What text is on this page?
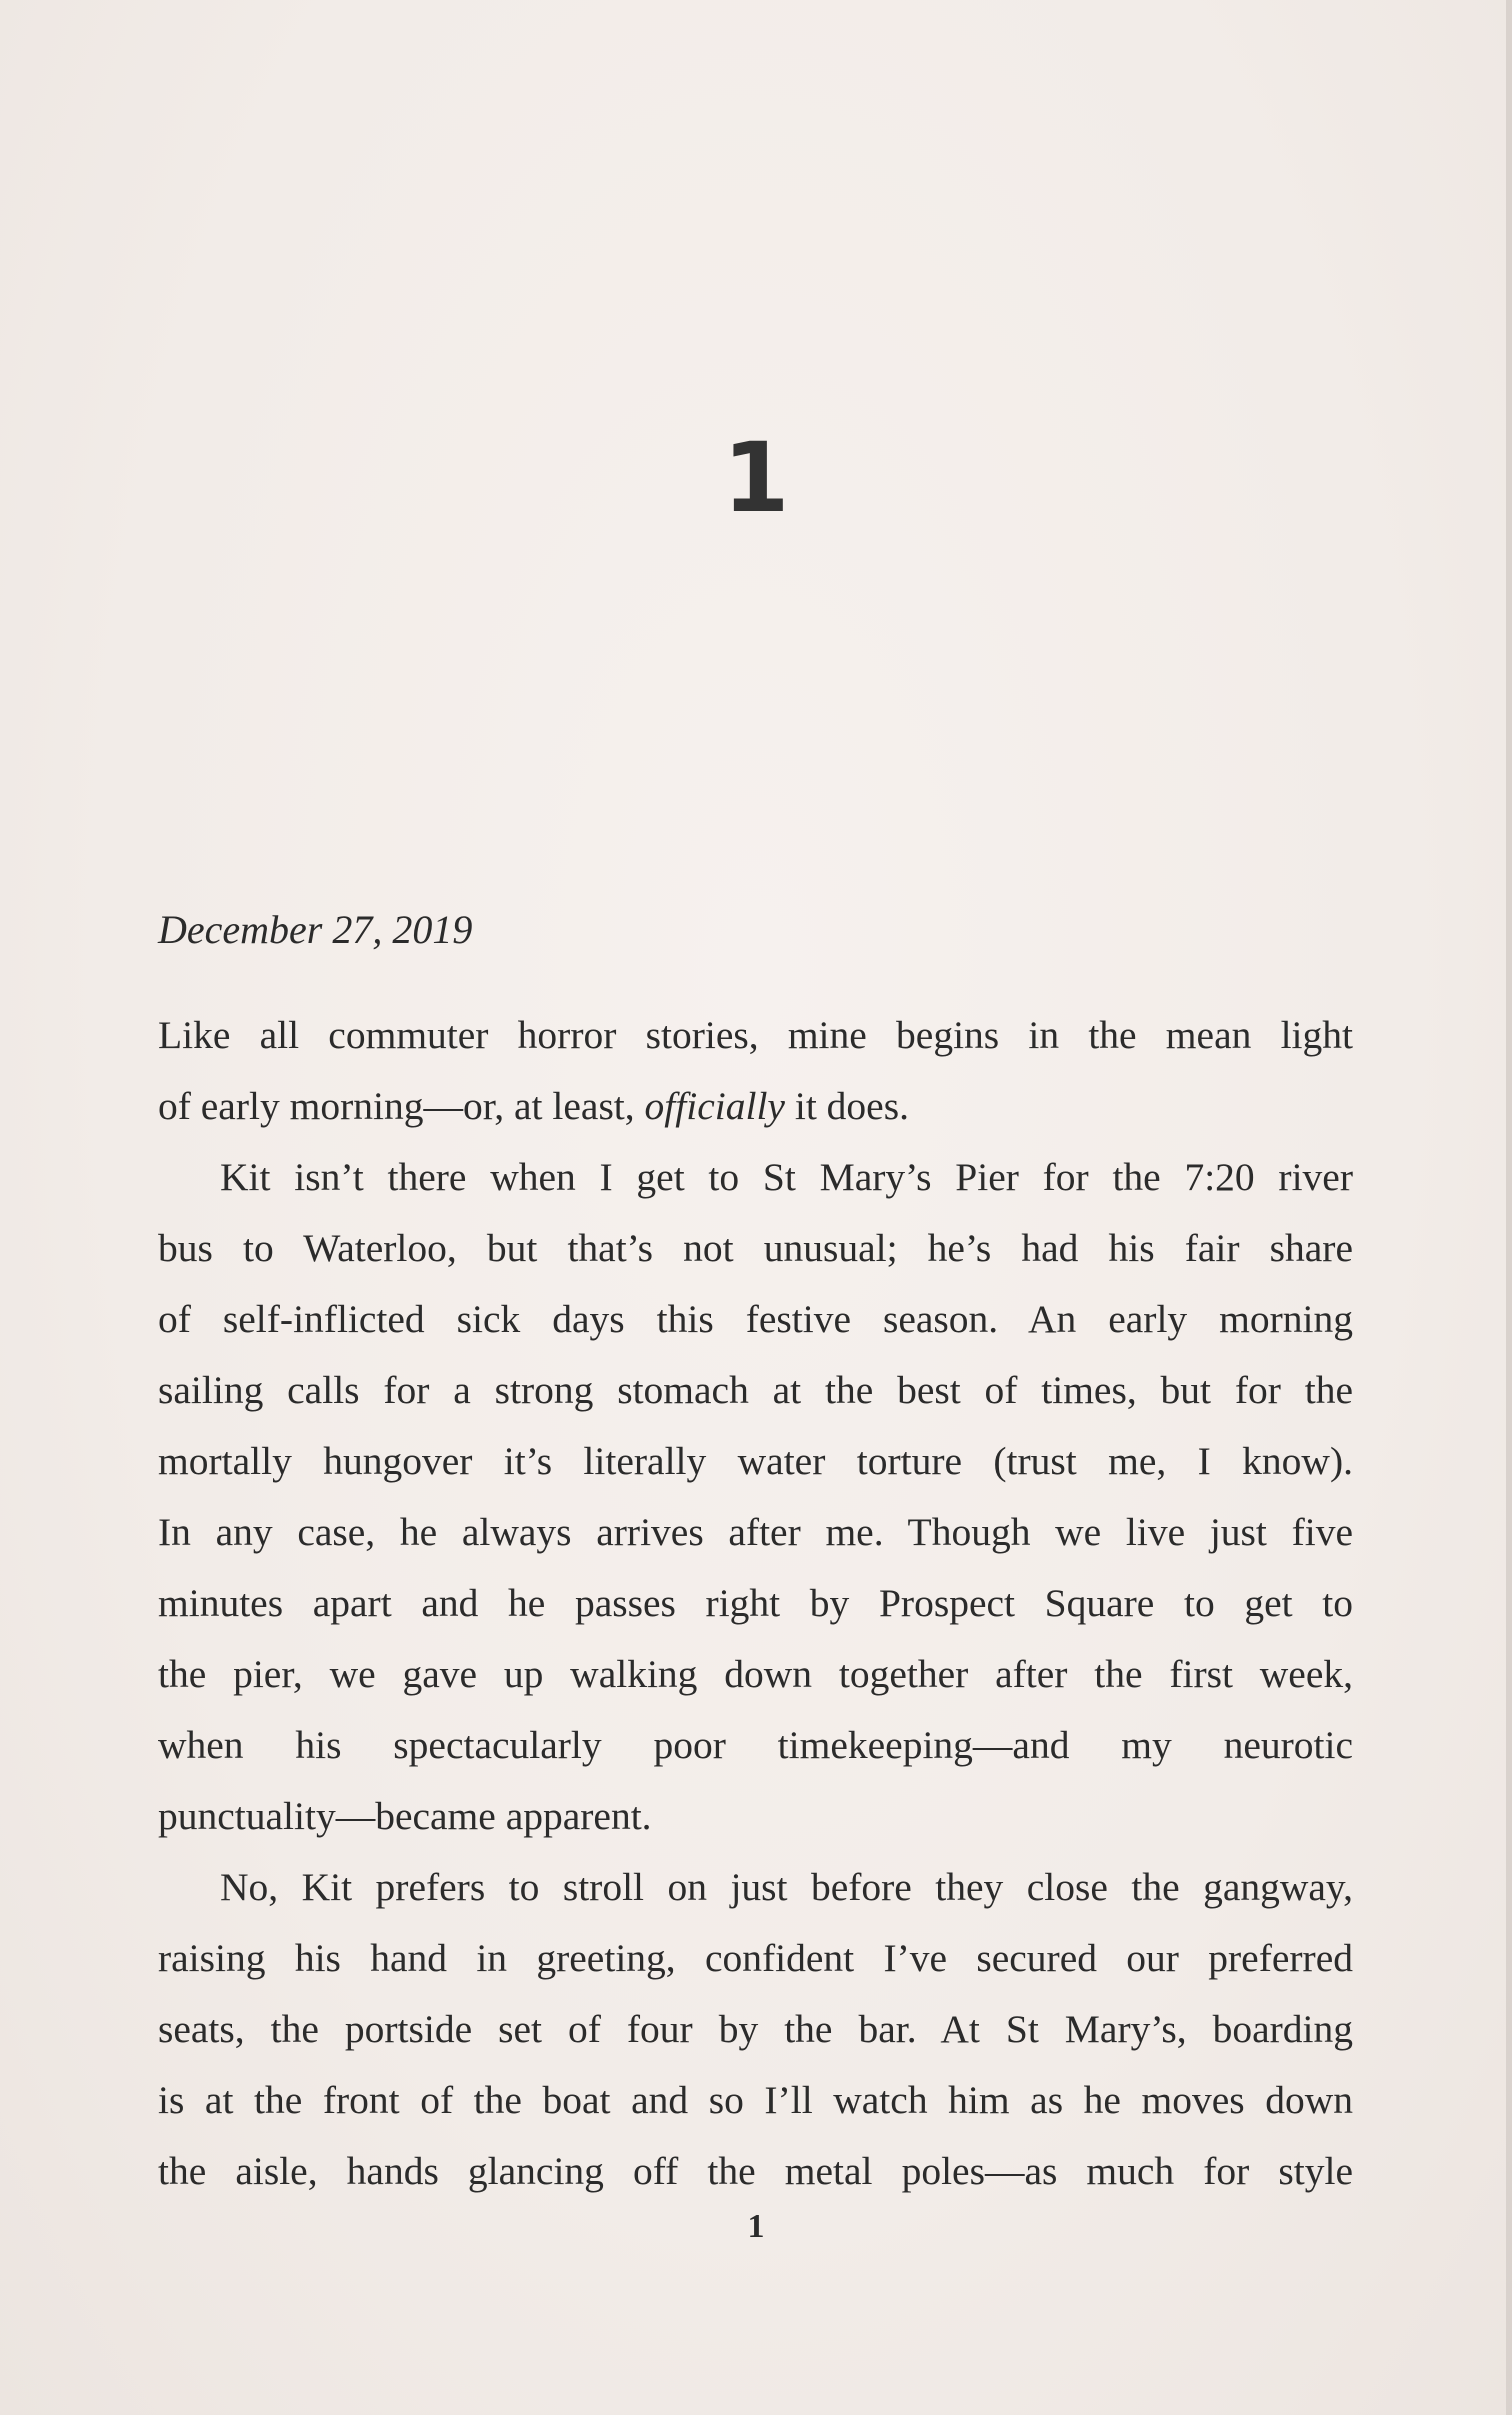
1
December 27, 2019

Like all commuter horror stories, mine begins in the mean light
of early morning—or, at least, officially it does.

Kit isn’t there when I get to St Mary’s Pier for the 7:20 river
bus to Waterloo, but that’s not unusual; he’s had his fair share
of self-inflicted sick days this festive season. An early morning
sailing calls for a strong stomach at the best of times, but for the
mortally hungover it’s literally water torture (trust me, I know).
In any case, he always arrives after me. Though we live just five
minutes apart and he passes right by Prospect Square to get to
the pier, we gave up walking down together after the first week,
when his spectacularly poor timekeeping—and my neurotic
punctuality—became apparent.

No, Kit prefers to stroll on just before they close the gangway,
raising his hand in greeting, confident I’ve secured our preferred
seats, the portside set of four by the bar. At St Mary’s, boarding
is at the front of the boat and so I’ll watch him as he moves down
the aisle, hands glancing off the metal poles—as much for style

1
